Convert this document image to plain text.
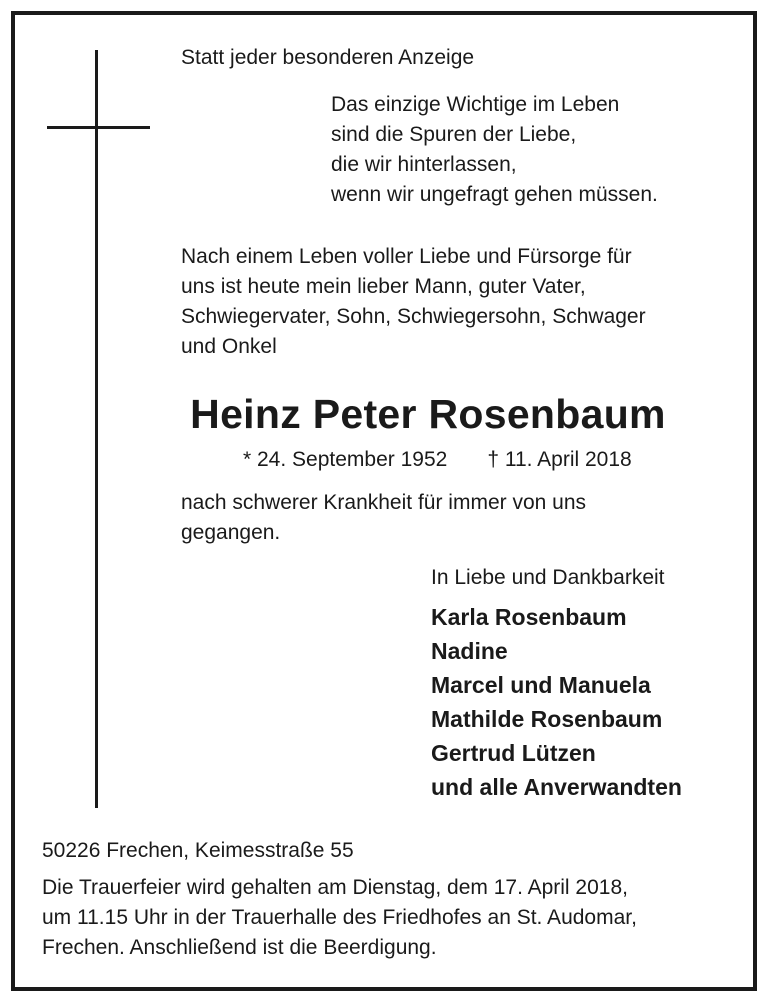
Statt jeder besonderen Anzeige
Das einzige Wichtige im Leben
sind die Spuren der Liebe,
die wir hinterlassen,
wenn wir ungefragt gehen müssen.
Nach einem Leben voller Liebe und Fürsorge für
uns ist heute mein lieber Mann, guter Vater,
Schwiegervater, Sohn, Schwiegersohn, Schwager
und Onkel
Heinz Peter Rosenbaum
* 24. September 1952 † 11. April 2018
nach schwerer Krankheit für immer von uns
gegangen.
In Liebe und Dankbarkeit
Karla Rosenbaum
Nadine
Marcel und Manuela
Mathilde Rosenbaum
Gertrud Lützen
und alle Anverwandten
50226 Frechen, Keimesstraße 55
Die Trauerfeier wird gehalten am Dienstag, dem 17. April 2018,
um 11.15 Uhr in der Trauerhalle des Friedhofes an St. Audomar,
Frechen. Anschließend ist die Beerdigung.
